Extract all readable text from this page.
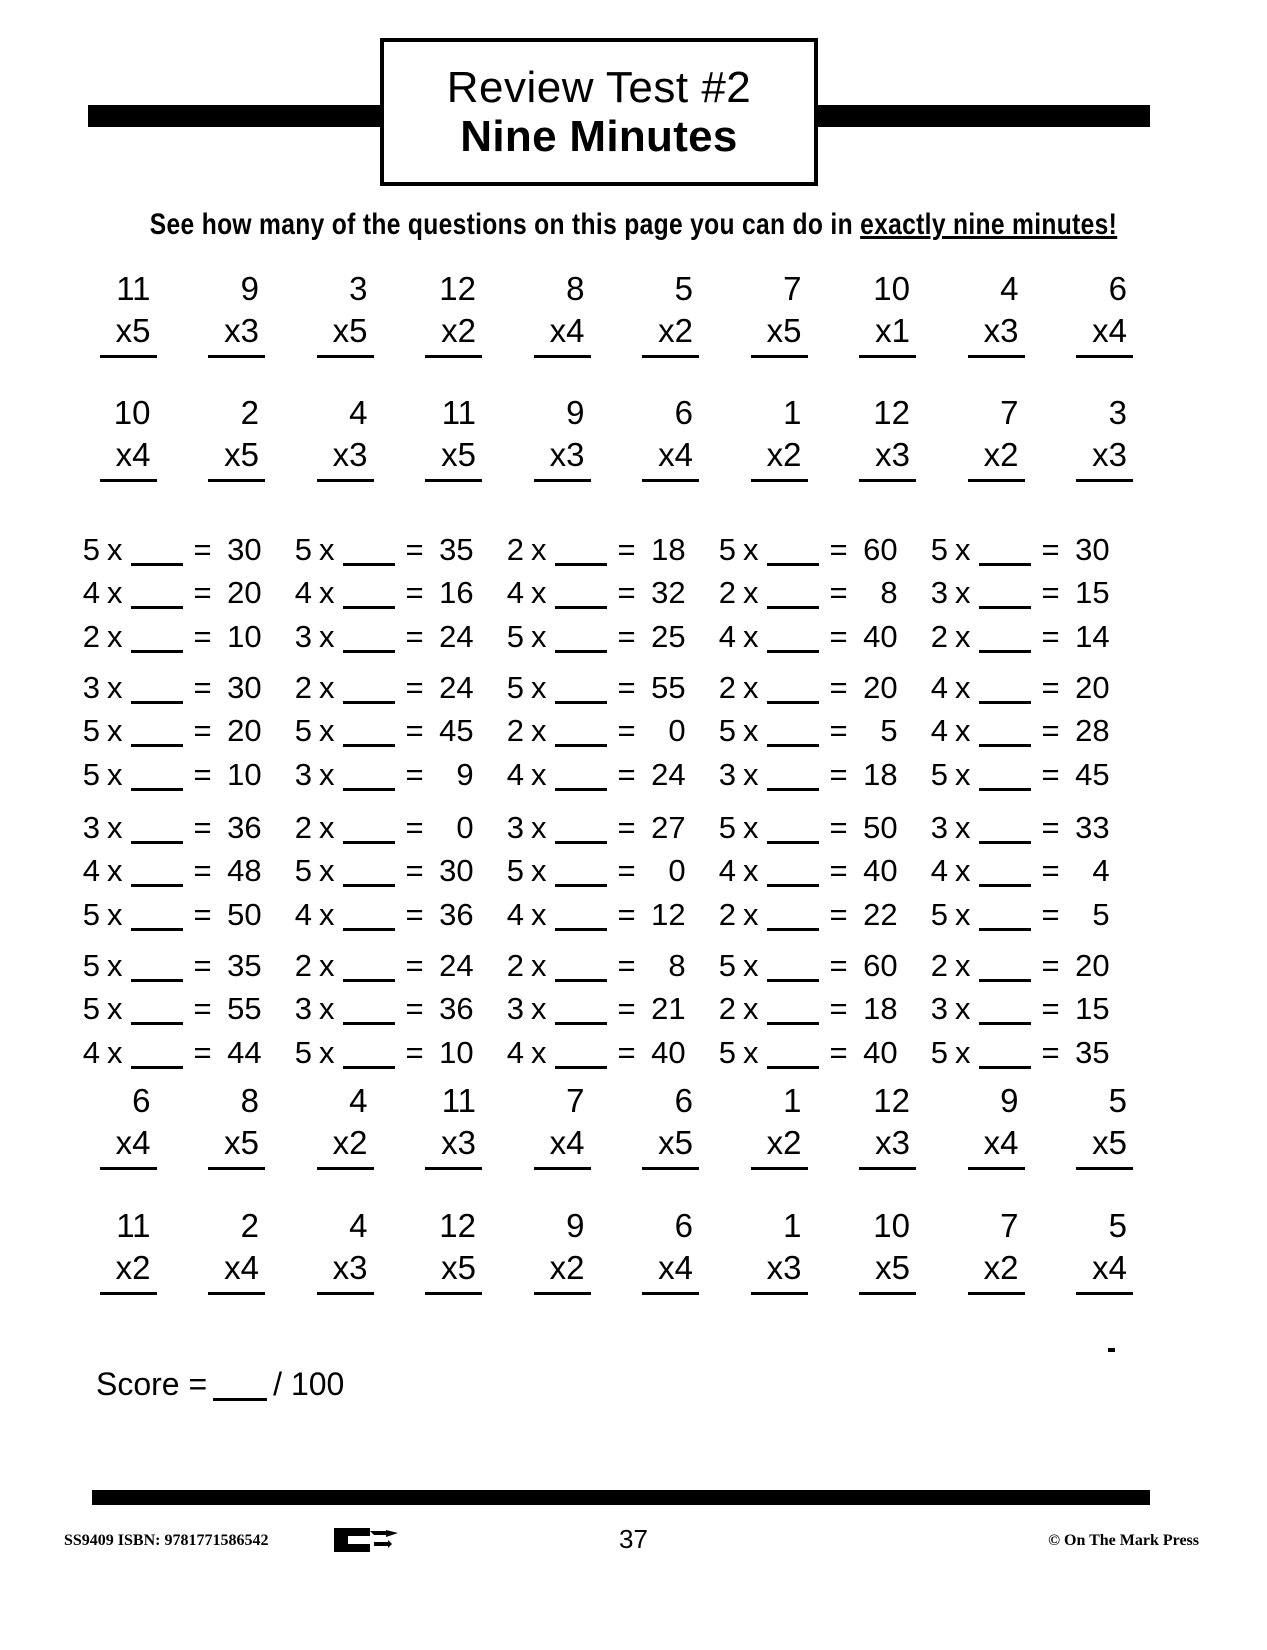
Review Test #2
Nine Minutes
See how many of the questions on this page you can do in exactly nine minutes!
11
x5
9
x3
3
x5
12
x2
8
x4
5
x2
7
x5
10
x1
4
x3
6
x4
10
x4
2
x5
4
x3
11
x5
9
x3
6
x4
1
x2
12
x3
7
x2
3
x3
6
x4
8
x5
4
x2
11
x3
7
x4
6
x5
1
x2
12
x3
9
x4
5
x5
11
x2
2
x4
4
x3
12
x5
9
x2
6
x4
1
x3
10
x5
7
x2
5
x4
5 x = 30
4 x = 20
2 x = 10
5 x = 35
4 x = 16
3 x = 24
2 x = 18
4 x = 32
5 x = 25
5 x = 60
2 x =	8
4 x = 40
5 x = 30
3 x = 15
2 x = 14
3 x = 30
5 x = 20
5 x = 10
2 x = 24
5 x = 45
3 x =	9
5 x = 55
2 x =	0
4 x = 24
2 x = 20
5 x =	5
3 x = 18
4 x = 20
4 x = 28
5 x = 45
3 x = 36
4 x = 48
5 x = 50
2 x =	0
5 x = 30
4 x = 36
3 x = 27
5 x =	0
4 x = 12
5 x = 50
4 x = 40
2 x = 22
3 x = 33
4 x =	4
5 x =	5
5 x = 35
5 x = 55
4 x = 44
2 x = 24
3 x = 36
5 x = 10
2 x =	8
3 x = 21
4 x = 40
5 x = 60
2 x = 18
5 x = 40
2 x = 20
3 x = 15
5 x = 35
Score = / 100
SS9409 ISBN: 9781771586542	37	© On The Mark Press
